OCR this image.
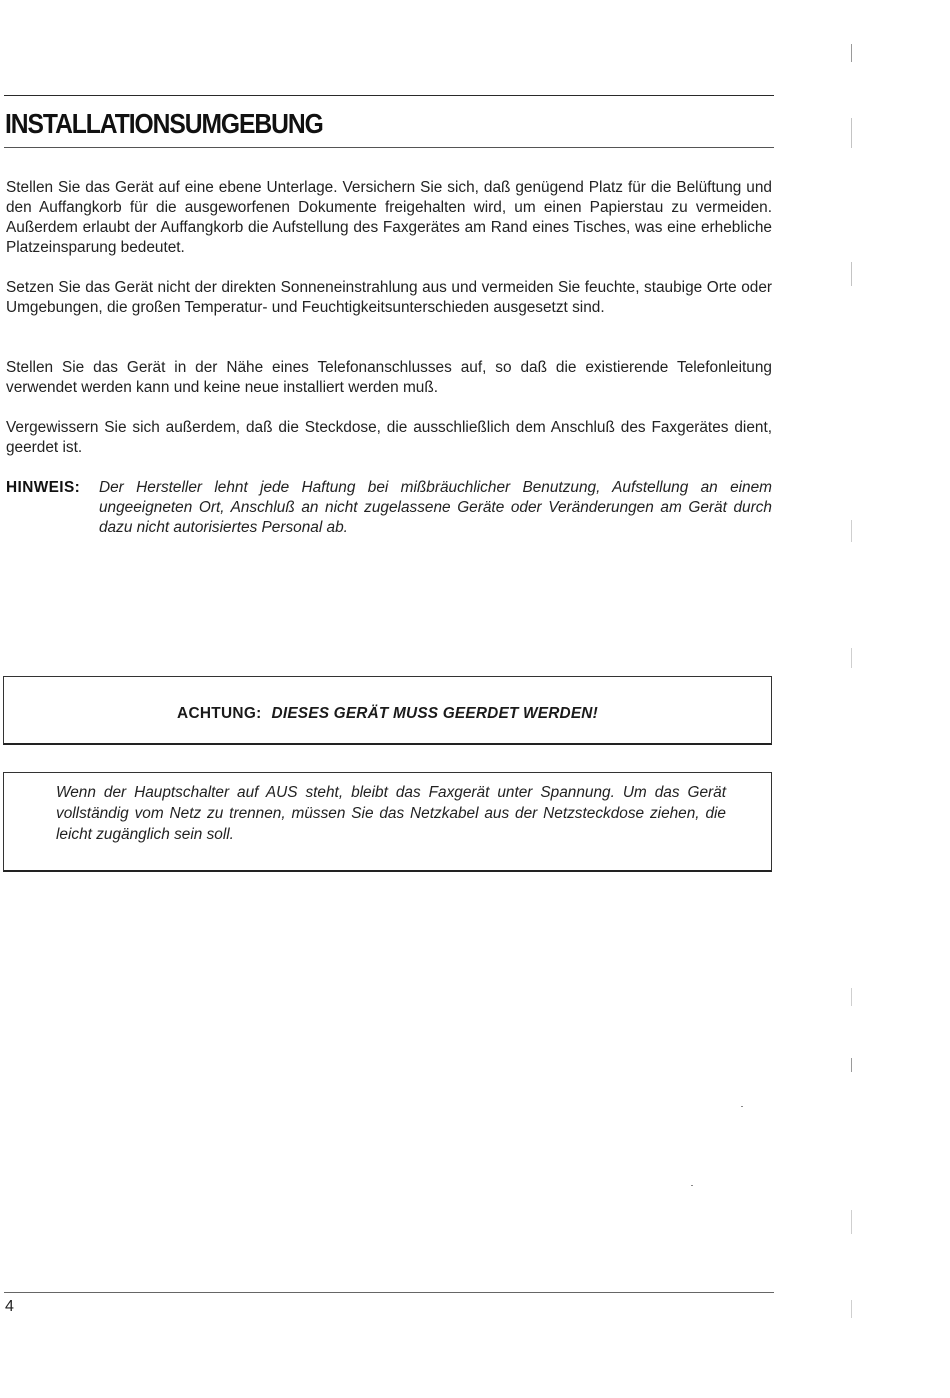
INSTALLATIONSUMGEBUNG

Stellen Sie das Gerät auf eine ebene Unterlage. Versichern Sie sich, daß genügend Platz für die Belüftung und den Auffangkorb für die ausgeworfenen Dokumente freigehalten wird, um einen Papierstau zu vermeiden. Außerdem erlaubt der Auffangkorb die Aufstellung des Faxgerätes am Rand eines Tisches, was eine erhebliche Platzeinsparung bedeutet.

Setzen Sie das Gerät nicht der direkten Sonneneinstrahlung aus und vermeiden Sie feuchte, staubige Orte oder Umgebungen, die großen Temperatur- und Feuchtigkeitsunterschieden ausgesetzt sind.

Stellen Sie das Gerät in der Nähe eines Telefonanschlusses auf, so daß die existierende Telefonleitung verwendet werden kann und keine neue installiert werden muß.

Vergewissern Sie sich außerdem, daß die Steckdose, die ausschließlich dem Anschluß des Faxgerätes dient, geerdet ist.

HINWEIS: Der Hersteller lehnt jede Haftung bei mißbräuchlicher Benutzung, Aufstellung an einem ungeeigneten Ort, Anschluß an nicht zugelassene Geräte oder Veränderungen am Gerät durch dazu nicht autorisiertes Personal ab.
ACHTUNG: DIESES GERÄT MUSS GEERDET WERDEN!

Wenn der Hauptschalter auf AUS steht, bleibt das Faxgerät unter Spannung. Um das Gerät vollständig vom Netz zu trennen, müssen Sie das Netzkabel aus der Netzsteckdose ziehen, die leicht zugänglich sein soll.

4
